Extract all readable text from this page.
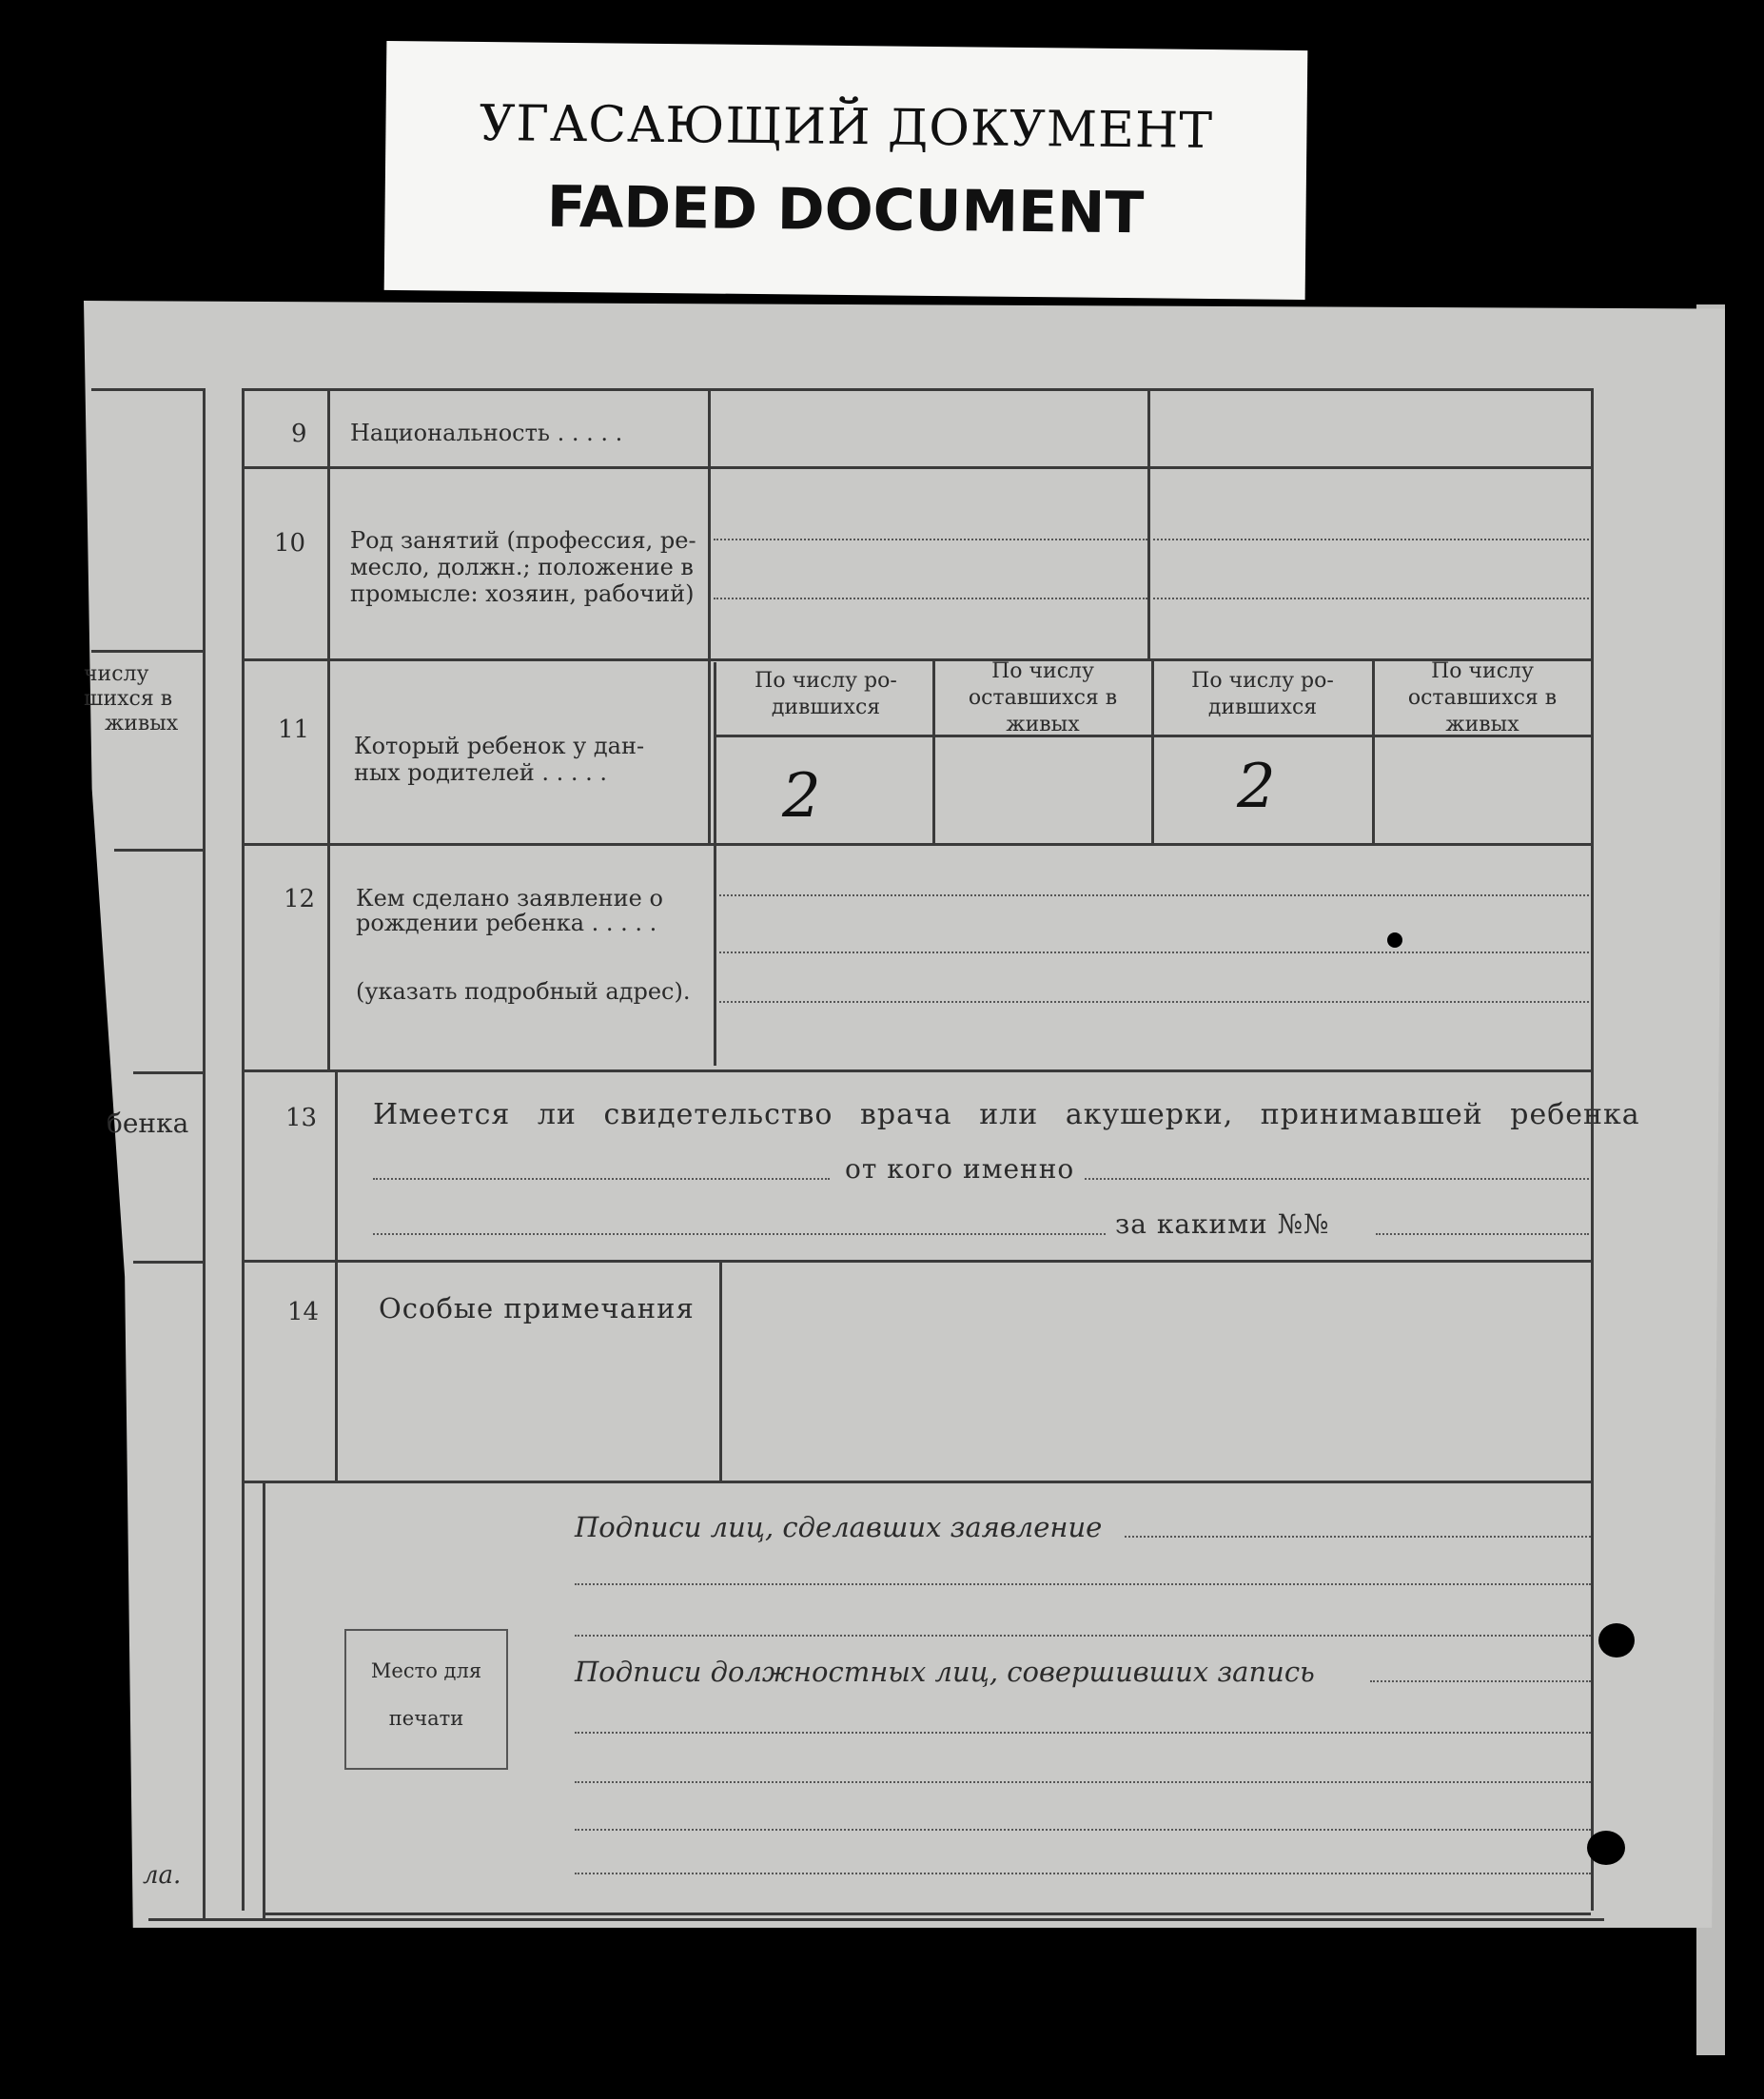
УГАСАЮЩИЙ ДОКУМЕНТ
FADED DOCUMENT
числу
шихся в
живых
бенка
ла.
9 Национальность . . . . .
10 Род занятий (профессия, ре-
месло, должн.; положение в
промысле: хозяин, рабочий)
11
Который ребенок у дан-
ных родителей . . . . .
По числу ро-
дившихся
По числу
оставшихся в
живых
По числу ро-
дившихся
По числу
оставшихся в
живых
2	2
12 Кем сделано заявление о
рождении ребенка . . . . .
(указать подробный адрес).
13 Имеется ли свидетельство врача или акушерки, принимавшей ребенка
от кого именно
за какими №№
14 Особые примечания
Подписи лиц, сделавших заявление
Подписи должностных лиц, совершивших запись
Место для
печати
